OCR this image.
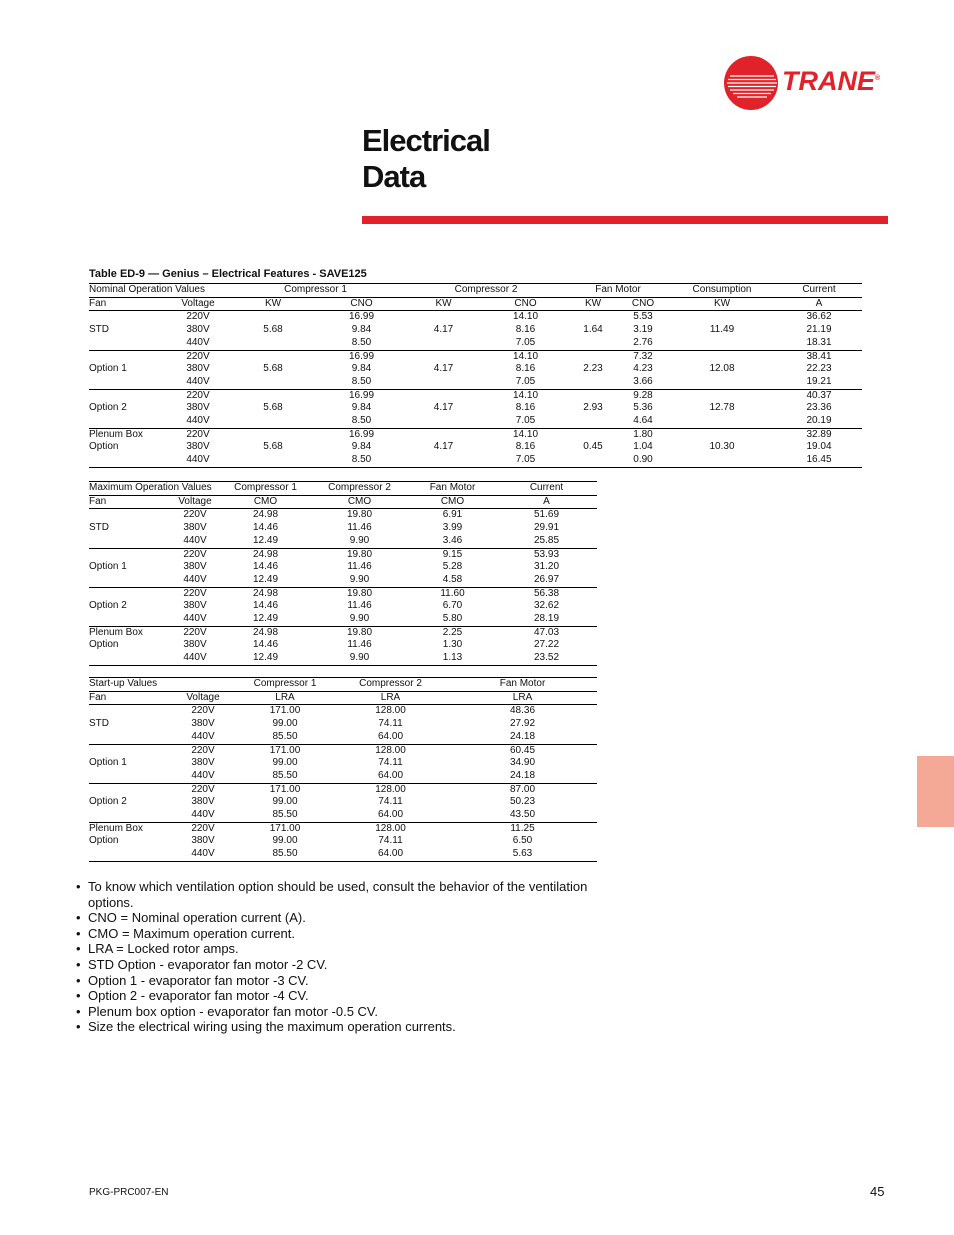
TRANE®
Electrical
Data
Table ED-9 — Genius – Electrical Features - SAVE125
Nominal Operation Values		Compressor 1		Compressor 2		Fan Motor		Consumption	Current
Fan	Voltage	KW	CNO	KW	CNO	KW	CNO	KW	A
	220V		16.99		14.10		5.53		36.62
STD	380V	5.68	9.84	4.17	8.16	1.64	3.19	11.49	21.19
	440V		8.50		7.05		2.76		18.31
	220V		16.99		14.10		7.32		38.41
Option 1	380V	5.68	9.84	4.17	8.16	2.23	4.23	12.08	22.23
	440V		8.50		7.05		3.66		19.21
	220V		16.99		14.10		9.28		40.37
Option 2	380V	5.68	9.84	4.17	8.16	2.93	5.36	12.78	23.36
	440V		8.50		7.05		4.64		20.19
Plenum Box	220V		16.99		14.10		1.80		32.89
Option	380V	5.68	9.84	4.17	8.16	0.45	1.04	10.30	19.04
	440V		8.50		7.05		0.90		16.45
Maximum Operation Values		Compressor 1	Compressor 2	Fan Motor	Current
Fan	Voltage	CMO	CMO	CMO	A
	220V	24.98	19.80	6.91	51.69
STD	380V	14.46	11.46	3.99	29.91
	440V	12.49	9.90	3.46	25.85
	220V	24.98	19.80	9.15	53.93
Option 1	380V	14.46	11.46	5.28	31.20
	440V	12.49	9.90	4.58	26.97
	220V	24.98	19.80	11.60	56.38
Option 2	380V	14.46	11.46	6.70	32.62
	440V	12.49	9.90	5.80	28.19
Plenum Box	220V	24.98	19.80	2.25	47.03
Option	380V	14.46	11.46	1.30	27.22
	440V	12.49	9.90	1.13	23.52
Start-up Values		Compressor 1	Compressor 2	Fan Motor
Fan	Voltage	LRA	LRA	LRA
	220V	171.00	128.00	48.36
STD	380V	99.00	74.11	27.92
	440V	85.50	64.00	24.18
	220V	171.00	128.00	60.45
Option 1	380V	99.00	74.11	34.90
	440V	85.50	64.00	24.18
	220V	171.00	128.00	87.00
Option 2	380V	99.00	74.11	50.23
	440V	85.50	64.00	43.50
Plenum Box	220V	171.00	128.00	11.25
Option	380V	99.00	74.11	6.50
	440V	85.50	64.00	5.63
• To know which ventilation option should be used, consult the behavior of the ventilation options.
• CNO = Nominal operation current (A).
• CMO = Maximum operation current.
• LRA = Locked rotor amps.
• STD Option - evaporator fan motor -2 CV.
• Option 1 - evaporator fan motor -3 CV.
• Option 2 - evaporator fan motor -4 CV.
• Plenum box option - evaporator fan motor -0.5 CV.
• Size the electrical wiring using the maximum operation currents.
PKG-PRC007-EN	45
